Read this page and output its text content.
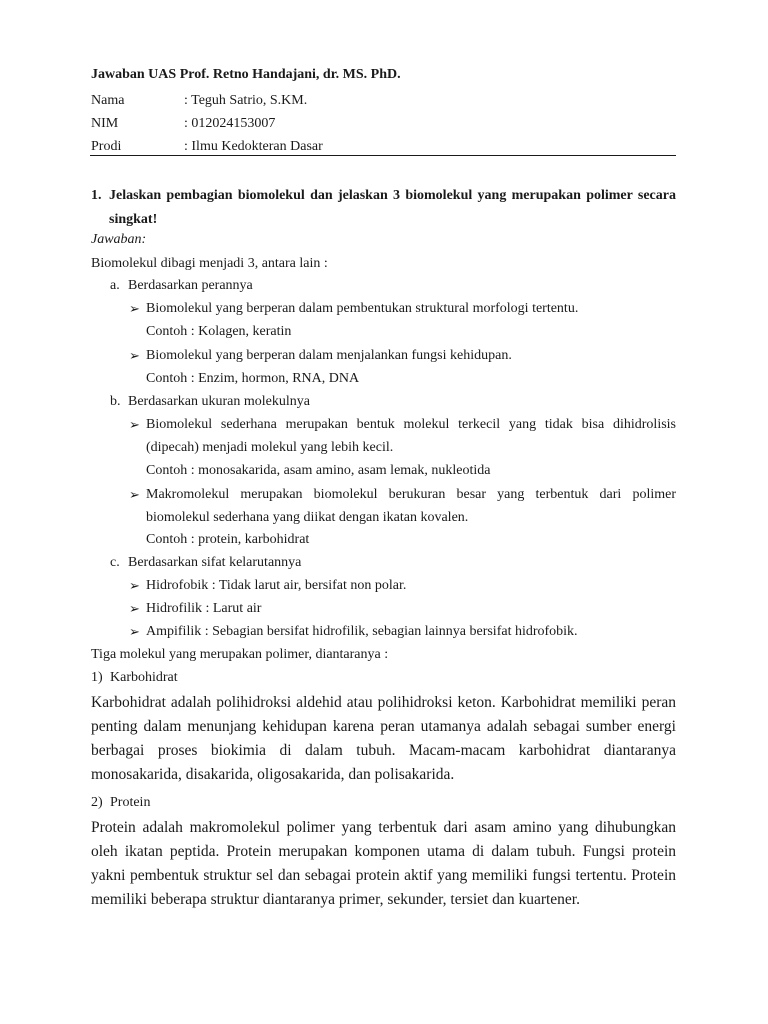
Jawaban UAS Prof. Retno Handajani, dr. MS. PhD.
Nama	: Teguh Satrio, S.KM.
NIM	: 012024153007
Prodi	: Ilmu Kedokteran Dasar
1. Jelaskan pembagian biomolekul dan jelaskan 3 biomolekul yang merupakan polimer secara singkat!
Jawaban:
Biomolekul dibagi menjadi 3, antara lain :
a. Berdasarkan perannya
➢ Biomolekul yang berperan dalam pembentukan struktural morfologi tertentu.
Contoh : Kolagen, keratin
➢ Biomolekul yang berperan dalam menjalankan fungsi kehidupan.
Contoh : Enzim, hormon, RNA, DNA
b. Berdasarkan ukuran molekulnya
➢ Biomolekul sederhana merupakan bentuk molekul terkecil yang tidak bisa dihidrolisis (dipecah) menjadi molekul yang lebih kecil.
Contoh : monosakarida, asam amino, asam lemak, nukleotida
➢ Makromolekul merupakan biomolekul berukuran besar yang terbentuk dari polimer biomolekul sederhana yang diikat dengan ikatan kovalen.
Contoh : protein, karbohidrat
c. Berdasarkan sifat kelarutannya
➢ Hidrofobik : Tidak larut air, bersifat non polar.
➢ Hidrofilik : Larut air
➢ Ampifilik : Sebagian bersifat hidrofilik, sebagian lainnya bersifat hidrofobik.
Tiga molekul yang merupakan polimer, diantaranya :
1) Karbohidrat
Karbohidrat adalah polihidroksi aldehid atau polihidroksi keton. Karbohidrat memiliki peran penting dalam menunjang kehidupan karena peran utamanya adalah sebagai sumber energi berbagai proses biokimia di dalam tubuh. Macam-macam karbohidrat diantaranya monosakarida, disakarida, oligosakarida, dan polisakarida.
2) Protein
Protein adalah makromolekul polimer yang terbentuk dari asam amino yang dihubungkan oleh ikatan peptida. Protein merupakan komponen utama di dalam tubuh. Fungsi protein yakni pembentuk struktur sel dan sebagai protein aktif yang memiliki fungsi tertentu. Protein memiliki beberapa struktur diantaranya primer, sekunder, tersiet dan kuartener.
